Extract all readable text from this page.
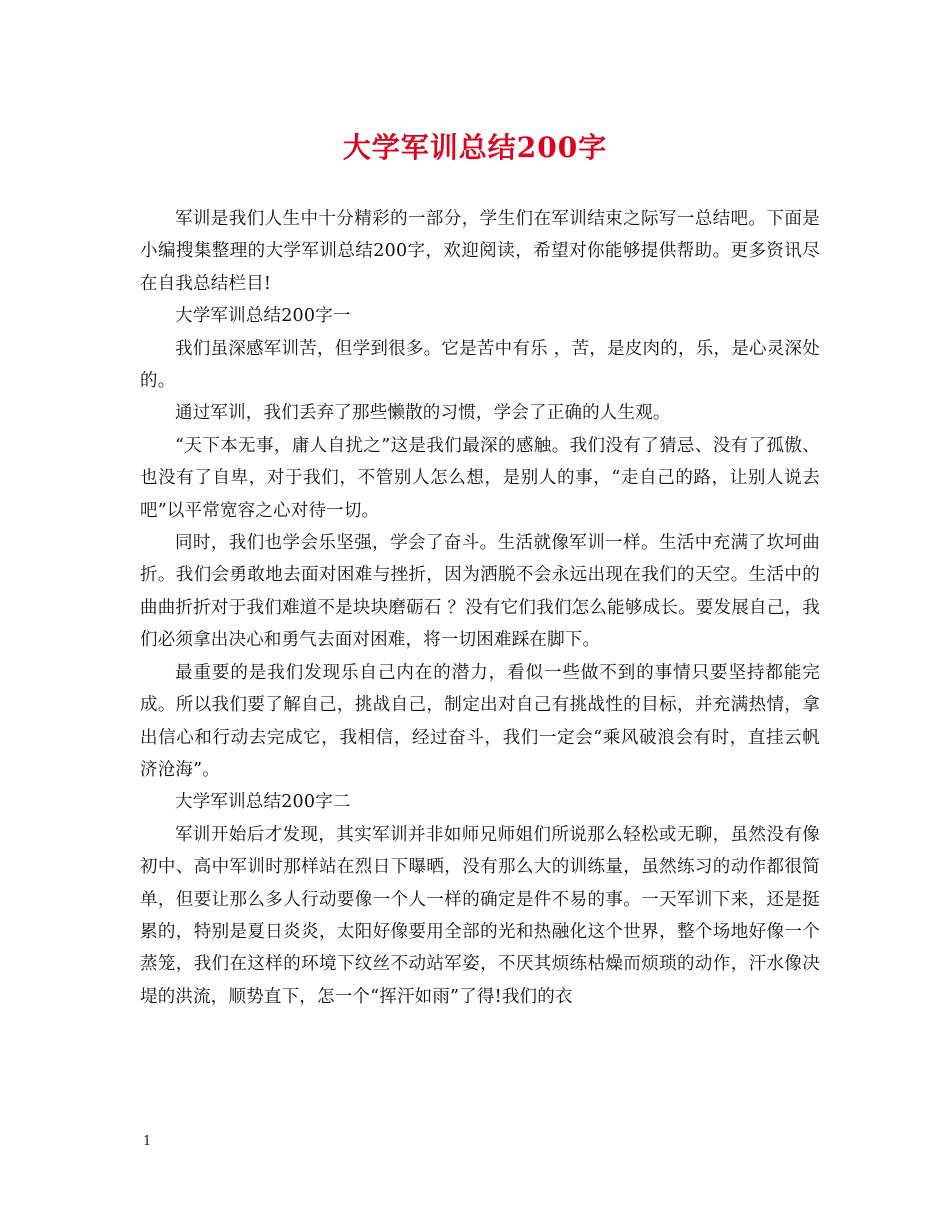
大学军训总结200字

军训是我们人生中十分精彩的一部分，学生们在军训结束之际写一总结吧。下面是小编搜集整理的大学军训总结200字，欢迎阅读，希望对你能够提供帮助。更多资讯尽在自我总结栏目!

大学军训总结200字一

我们虽深感军训苦，但学到很多。它是苦中有乐 ，苦，是皮肉的，乐，是心灵深处的。

通过军训，我们丢弃了那些懒散的习惯，学会了正确的人生观。

“天下本无事，庸人自扰之”这是我们最深的感触。我们没有了猜忌、没有了孤傲、也没有了自卑，对于我们，不管别人怎么想，是别人的事，“走自己的路，让别人说去吧”以平常宽容之心对待一切。

同时，我们也学会乐坚强，学会了奋斗。生活就像军训一样。生活中充满了坎坷曲折。我们会勇敢地去面对困难与挫折，因为洒脱不会永远出现在我们的天空。生活中的曲曲折折对于我们难道不是块块磨砺石 ？没有它们我们怎么能够成长。要发展自己，我们必须拿出决心和勇气去面对困难，将一切困难踩在脚下。

最重要的是我们发现乐自己内在的潜力，看似一些做不到的事情只要坚持都能完成。所以我们要了解自己，挑战自己，制定出对自己有挑战性的目标，并充满热情，拿出信心和行动去完成它，我相信，经过奋斗，我们一定会“乘风破浪会有时，直挂云帆济沧海”。

大学军训总结200字二

军训开始后才发现，其实军训并非如师兄师姐们所说那么轻松或无聊，虽然没有像初中、高中军训时那样站在烈日下曝晒，没有那么大的训练量，虽然练习的动作都很简单，但要让那么多人行动要像一个人一样的确定是件不易的事。一天军训下来，还是挺累的，特别是夏日炎炎，太阳好像要用全部的光和热融化这个世界，整个场地好像一个蒸笼，我们在这样的环境下纹丝不动站军姿，不厌其烦练枯燥而烦琐的动作，汗水像决堤的洪流，顺势直下，怎一个“挥汗如雨”了得!我们的衣

1
